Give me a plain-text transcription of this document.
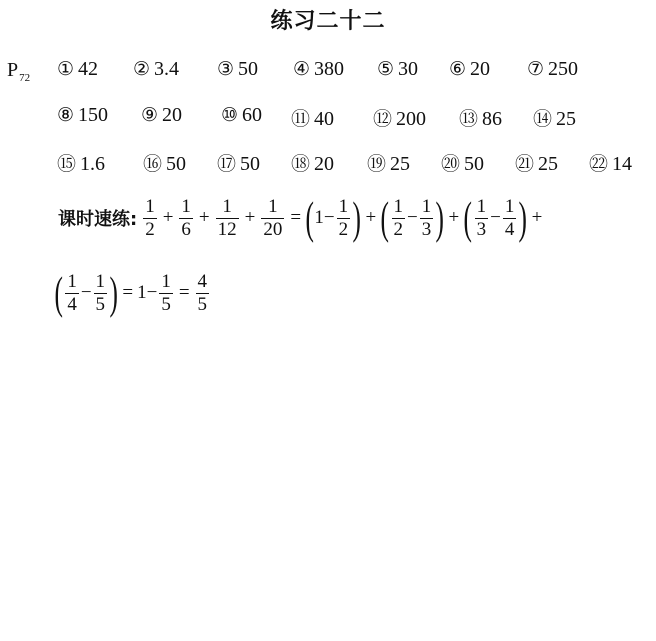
练习二十二
$P_{72}$ ① 42 ② 3.4 ③ 50 ④ 380 ⑤ 30 ⑥ 20 ⑦ 250
⑧ 150 ⑨ 20 ⑩ 60 ⑪ 40 ⑫ 200 ⑬ 86 ⑭ 25
⑮ 1.6 ⑯ 50 ⑰ 50 ⑱ 20 ⑲ 25 ⑳ 50 ㉑ 25 ㉒ 14
课时速练: $\frac{1}{2} + \frac{1}{6} + \frac{1}{12} + \frac{1}{20}$ = ( $1- \frac{1}{2}$ ) + ( $\frac{1}{2} - \frac{1}{3}$ ) + ( $\frac{1}{3} - \frac{1}{4}$ ) +
( $\frac{1}{4} - \frac{1}{5}$ ) = $1- \frac{1}{5} = \frac{4}{5}$
